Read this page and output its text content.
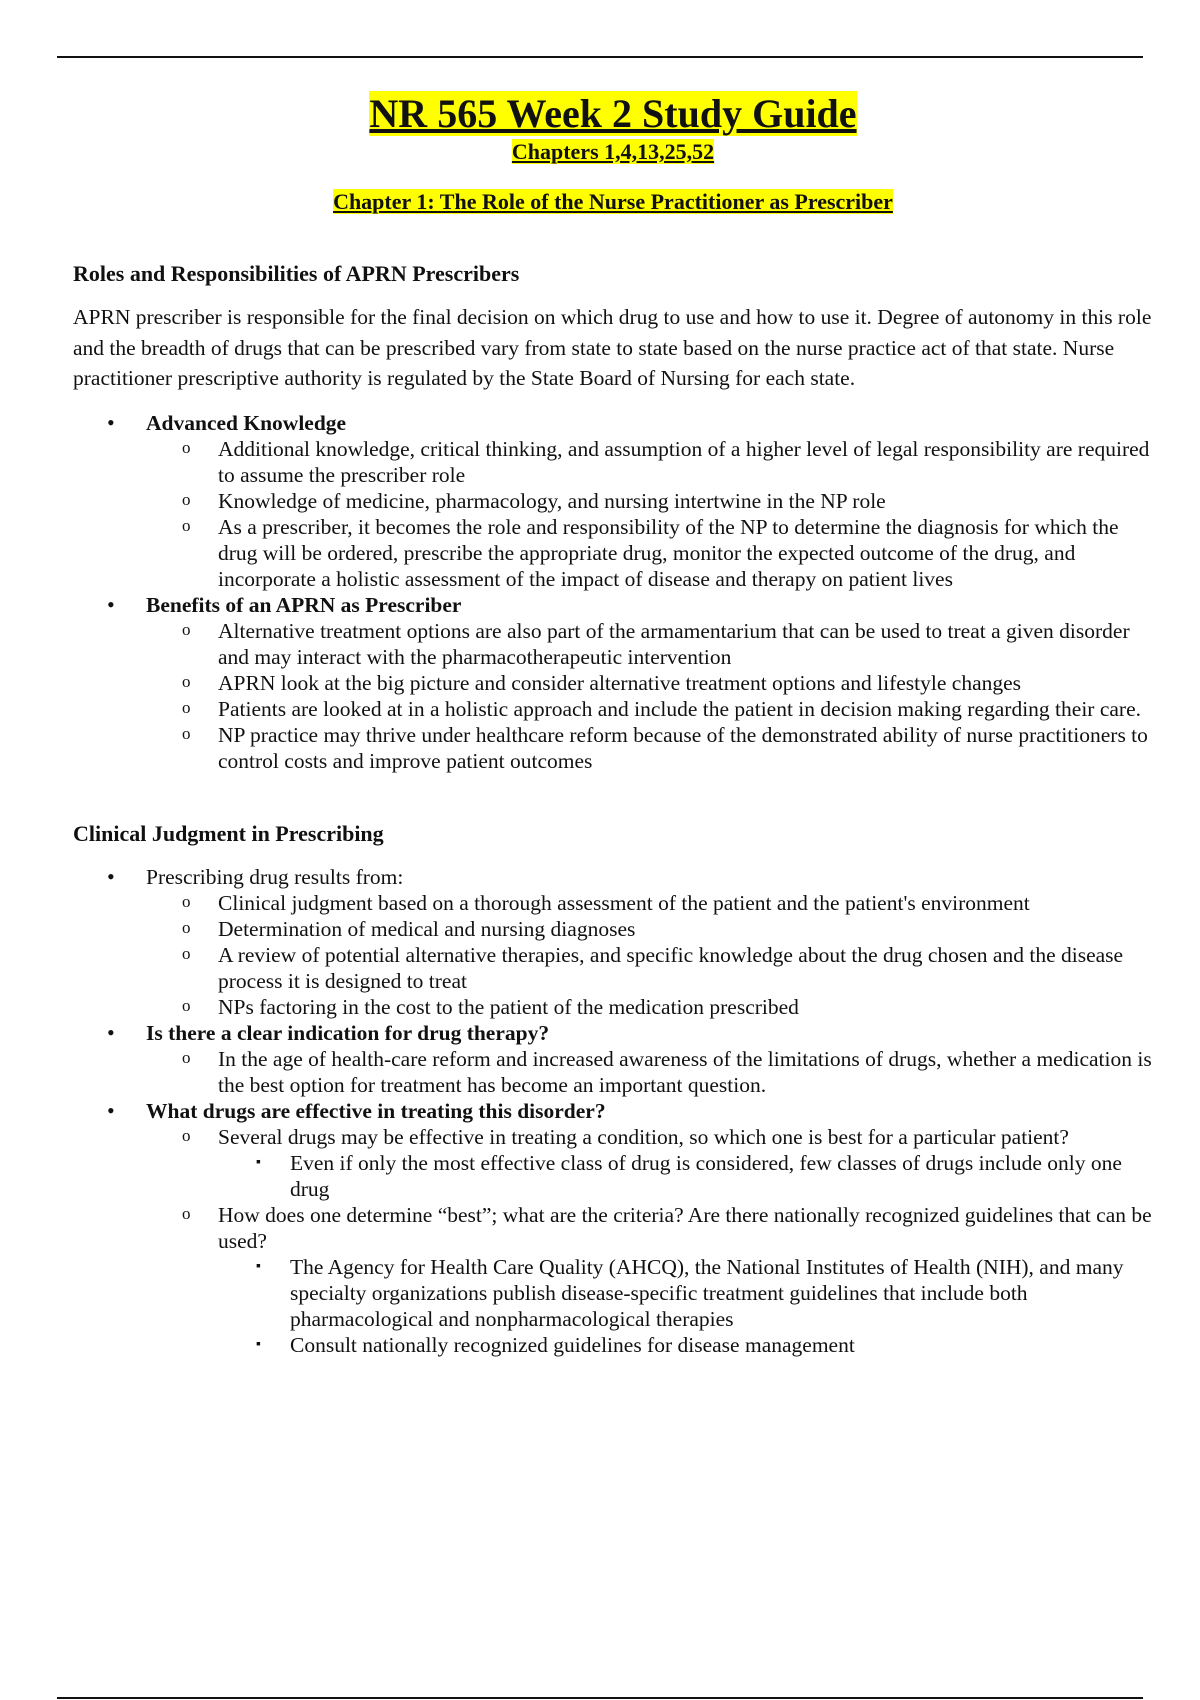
NR 565 Week 2 Study Guide

Chapters 1,4,13,25,52

Chapter 1: The Role of the Nurse Practitioner as Prescriber

Roles and Responsibilities of APRN Prescribers

APRN prescriber is responsible for the final decision on which drug to use and how to use it. Degree of autonomy in this role and the breadth of drugs that can be prescribed vary from state to state based on the nurse practice act of that state. Nurse practitioner prescriptive authority is regulated by the State Board of Nursing for each state.

• Advanced Knowledge
o Additional knowledge, critical thinking, and assumption of a higher level of legal responsibility are required to assume the prescriber role
o Knowledge of medicine, pharmacology, and nursing intertwine in the NP role
o As a prescriber, it becomes the role and responsibility of the NP to determine the diagnosis for which the drug will be ordered, prescribe the appropriate drug, monitor the expected outcome of the drug, and incorporate a holistic assessment of the impact of disease and therapy on patient lives
• Benefits of an APRN as Prescriber
o Alternative treatment options are also part of the armamentarium that can be used to treat a given disorder and may interact with the pharmacotherapeutic intervention
o APRN look at the big picture and consider alternative treatment options and lifestyle changes
o Patients are looked at in a holistic approach and include the patient in decision making regarding their care.
o NP practice may thrive under healthcare reform because of the demonstrated ability of nurse practitioners to control costs and improve patient outcomes

Clinical Judgment in Prescribing

• Prescribing drug results from:
o Clinical judgment based on a thorough assessment of the patient and the patient's environment
o Determination of medical and nursing diagnoses
o A review of potential alternative therapies, and specific knowledge about the drug chosen and the disease process it is designed to treat
o NPs factoring in the cost to the patient of the medication prescribed
• Is there a clear indication for drug therapy?
o In the age of health-care reform and increased awareness of the limitations of drugs, whether a medication is the best option for treatment has become an important question.
• What drugs are effective in treating this disorder?
o Several drugs may be effective in treating a condition, so which one is best for a particular patient?
▪ Even if only the most effective class of drug is considered, few classes of drugs include only one drug
o How does one determine “best”; what are the criteria? Are there nationally recognized guidelines that can be used?
▪ The Agency for Health Care Quality (AHCQ), the National Institutes of Health (NIH), and many specialty organizations publish disease-specific treatment guidelines that include both pharmacological and nonpharmacological therapies
▪ Consult nationally recognized guidelines for disease management
